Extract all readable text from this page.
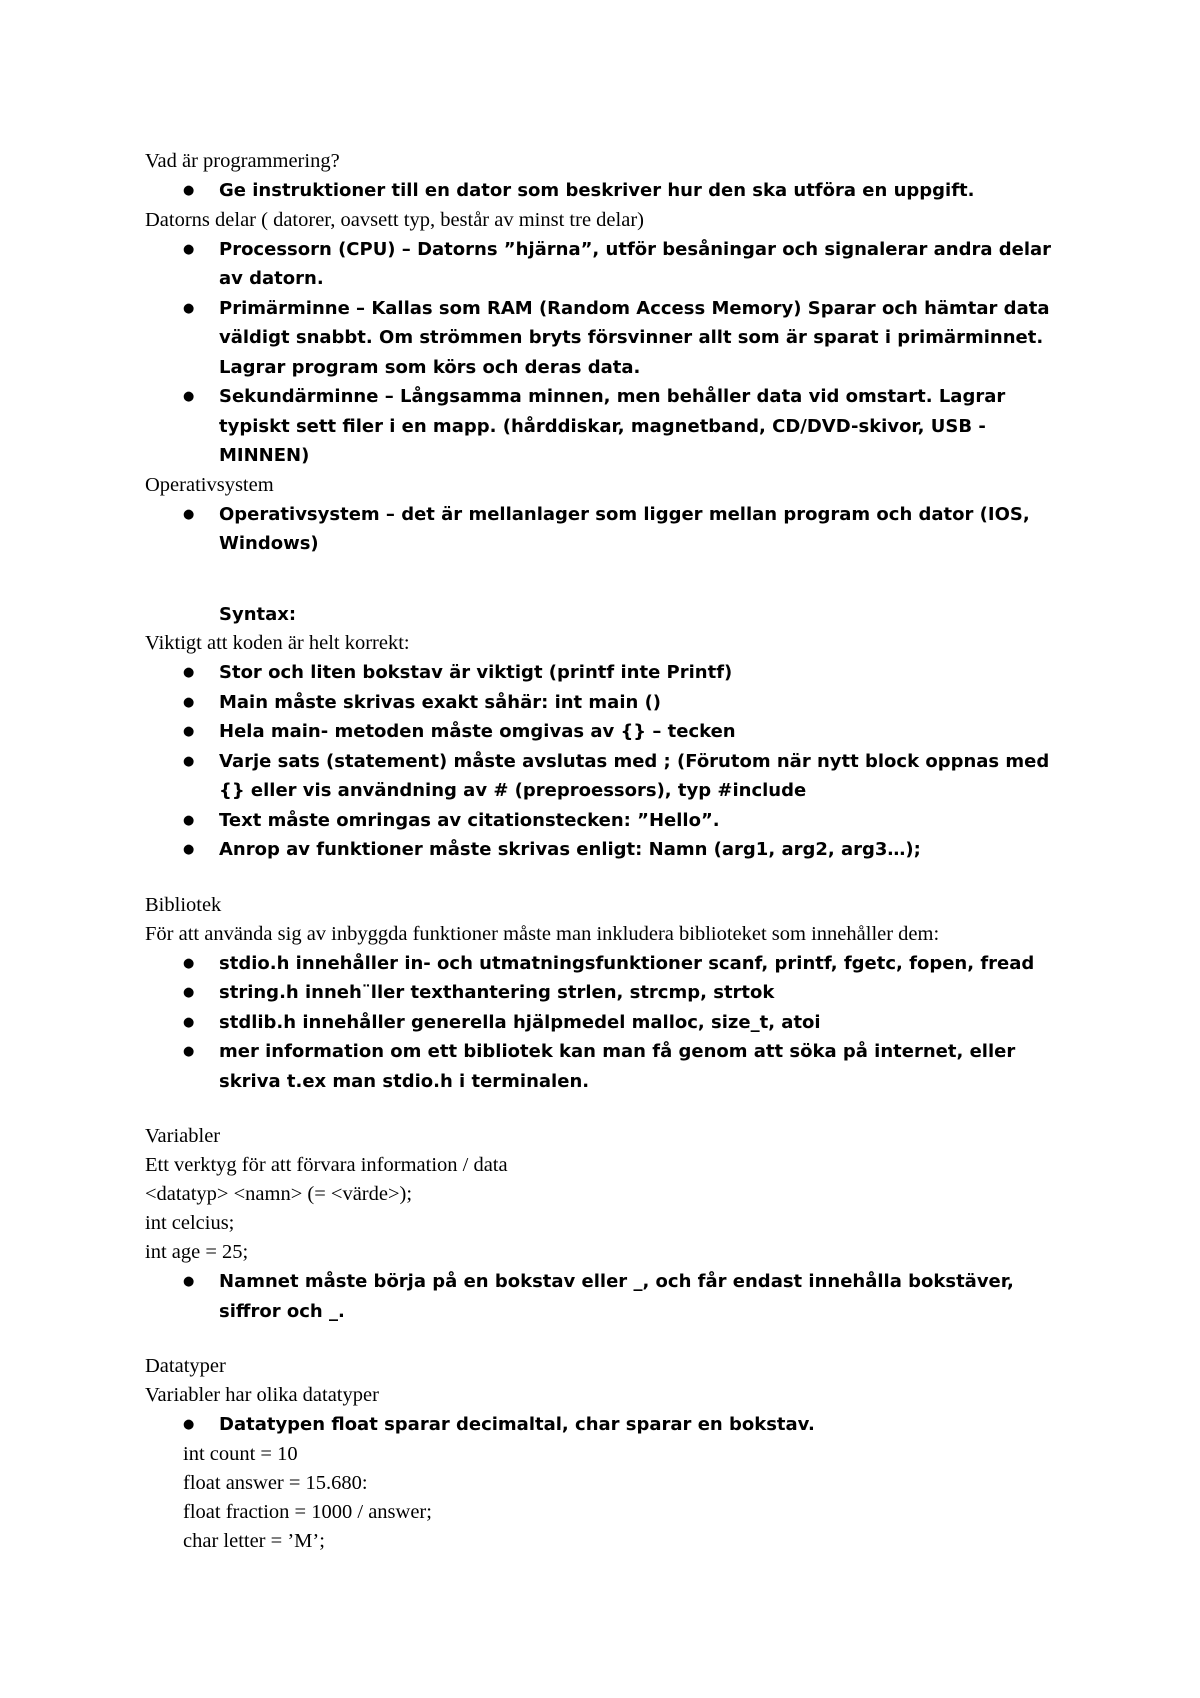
Vad är programmering?

● Ge instruktioner till en dator som beskriver hur den ska utföra en uppgift.

Datorns delar ( datorer, oavsett typ, består av minst tre delar)

● Processorn (CPU) – Datorns ”hjärna”, utför besåningar och signalerar andra delar av datorn.
● Primärminne – Kallas som RAM (Random Access Memory) Sparar och hämtar data väldigt snabbt. Om strömmen bryts försvinner allt som är sparat i primärminnet. Lagrar program som körs och deras data.
● Sekundärminne – Långsamma minnen, men behåller data vid omstart. Lagrar typiskt sett filer i en mapp. (hårddiskar, magnetband, CD/DVD-skivor, USB -MINNEN)

Operativsystem

● Operativsystem – det är mellanlager som ligger mellan program och dator (IOS, Windows)
Syntax:

Viktigt att koden är helt korrekt:

● Stor och liten bokstav är viktigt (printf inte Printf)
● Main måste skrivas exakt såhär: int main ()
● Hela main- metoden måste omgivas av {} – tecken
● Varje sats (statement) måste avslutas med ; (Förutom när nytt block oppnas med {} eller vis användning av # (preproessors), typ #include
● Text måste omringas av citationstecken: ”Hello”.
● Anrop av funktioner måste skrivas enligt: Namn (arg1, arg2, arg3…);

Bibliotek

För att använda sig av inbyggda funktioner måste man inkludera biblioteket som innehåller dem:

● stdio.h innehåller in- och utmatningsfunktioner scanf, printf, fgetc, fopen, fread
● string.h inneh¨ller texthantering strlen, strcmp, strtok
● stdlib.h innehåller generella hjälpmedel malloc, size_t, atoi
● mer information om ett bibliotek kan man få genom att söka på internet, eller skriva t.ex man stdio.h i terminalen.

Variabler

Ett verktyg för att förvara information / data

<datatyp> <namn> (= <värde>);

int celcius;

int age = 25;

● Namnet måste börja på en bokstav eller _, och får endast innehålla bokstäver, siffror och _.

Datatyper

Variabler har olika datatyper

● Datatypen float sparar decimaltal, char sparar en bokstav.

int count = 10

float answer = 15.680:

float fraction = 1000 / answer;

char letter = ’M’;
